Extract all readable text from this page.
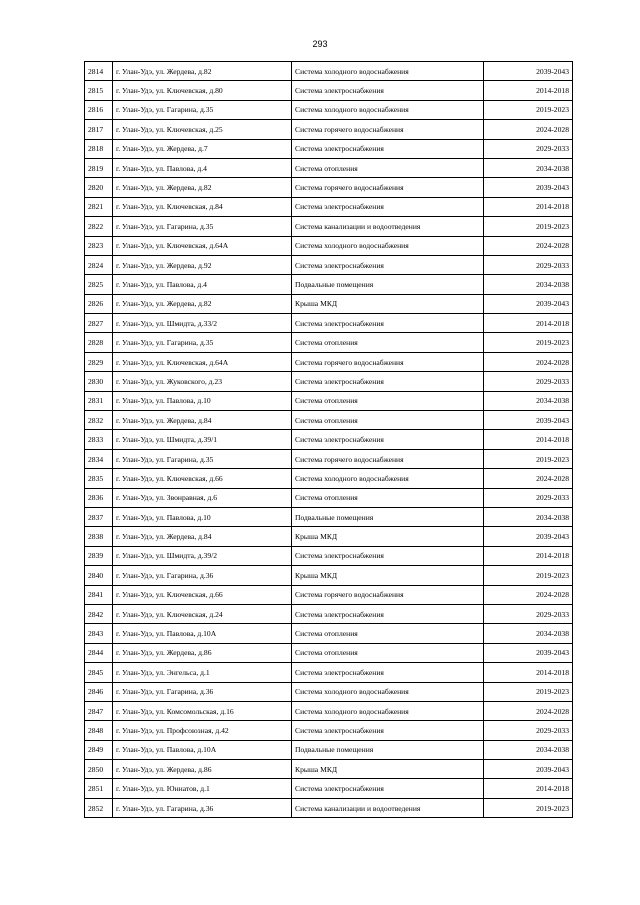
293
2814	г. Улан-Удэ, ул. Жердева, д.82	Система холодного водоснабжения	2039-2043
2815	г. Улан-Удэ, ул. Ключевская, д.80	Система электроснабжения	2014-2018
2816	г. Улан-Удэ, ул. Гагарина, д.35	Система холодного водоснабжения	2019-2023
2817	г. Улан-Удэ, ул. Ключевская, д.25	Система горячего водоснабжения	2024-2028
2818	г. Улан-Удэ, ул. Жердева, д.7	Система электроснабжения	2029-2033
2819	г. Улан-Удэ, ул. Павлова, д.4	Система отопления	2034-2038
2820	г. Улан-Удэ, ул. Жердева, д.82	Система горячего водоснабжения	2039-2043
2821	г. Улан-Удэ, ул. Ключевская, д.84	Система электроснабжения	2014-2018
2822	г. Улан-Удэ, ул. Гагарина, д.35	Система канализации и водоотведения	2019-2023
2823	г. Улан-Удэ, ул. Ключевская, д.64А	Система холодного водоснабжения	2024-2028
2824	г. Улан-Удэ, ул. Жердева, д.92	Система электроснабжения	2029-2033
2825	г. Улан-Удэ, ул. Павлова, д.4	Подвальные помещения	2034-2038
2826	г. Улан-Удэ, ул. Жердева, д.82	Крыша МКД	2039-2043
2827	г. Улан-Удэ, ул. Шмидта, д.33/2	Система электроснабжения	2014-2018
2828	г. Улан-Удэ, ул. Гагарина, д.35	Система отопления	2019-2023
2829	г. Улан-Удэ, ул. Ключевская, д.64А	Система горячего водоснабжения	2024-2028
2830	г. Улан-Удэ, ул. Жуковского, д.23	Система электроснабжения	2029-2033
2831	г. Улан-Удэ, ул. Павлова, д.10	Система отопления	2034-2038
2832	г. Улан-Удэ, ул. Жердева, д.84	Система отопления	2039-2043
2833	г. Улан-Удэ, ул. Шмидта, д.39/1	Система электроснабжения	2014-2018
2834	г. Улан-Удэ, ул. Гагарина, д.35	Система горячего водоснабжения	2019-2023
2835	г. Улан-Удэ, ул. Ключевская, д.66	Система холодного водоснабжения	2024-2028
2836	г. Улан-Удэ, ул. Звонравная, д.6	Система отопления	2029-2033
2837	г. Улан-Удэ, ул. Павлова, д.10	Подвальные помещения	2034-2038
2838	г. Улан-Удэ, ул. Жердева, д.84	Крыша МКД	2039-2043
2839	г. Улан-Удэ, ул. Шмидта, д.39/2	Система электроснабжения	2014-2018
2840	г. Улан-Удэ, ул. Гагарина, д.36	Крыша МКД	2019-2023
2841	г. Улан-Удэ, ул. Ключевская, д.66	Система горячего водоснабжения	2024-2028
2842	г. Улан-Удэ, ул. Ключевская, д.24	Система электроснабжения	2029-2033
2843	г. Улан-Удэ, ул. Павлова, д.10А	Система отопления	2034-2038
2844	г. Улан-Удэ, ул. Жердева, д.86	Система отопления	2039-2043
2845	г. Улан-Удэ, ул. Энгельса, д.1	Система электроснабжения	2014-2018
2846	г. Улан-Удэ, ул. Гагарина, д.36	Система холодного водоснабжения	2019-2023
2847	г. Улан-Удэ, ул. Комсомольская, д.16	Система холодного водоснабжения	2024-2028
2848	г. Улан-Удэ, ул. Профсоюзная, д.42	Система электроснабжения	2029-2033
2849	г. Улан-Удэ, ул. Павлова, д.10А	Подвальные помещения	2034-2038
2850	г. Улан-Удэ, ул. Жердева, д.86	Крыша МКД	2039-2043
2851	г. Улан-Удэ, ул. Юннатов, д.1	Система электроснабжения	2014-2018
2852	г. Улан-Удэ, ул. Гагарина, д.36	Система канализации и водоотведения	2019-2023
